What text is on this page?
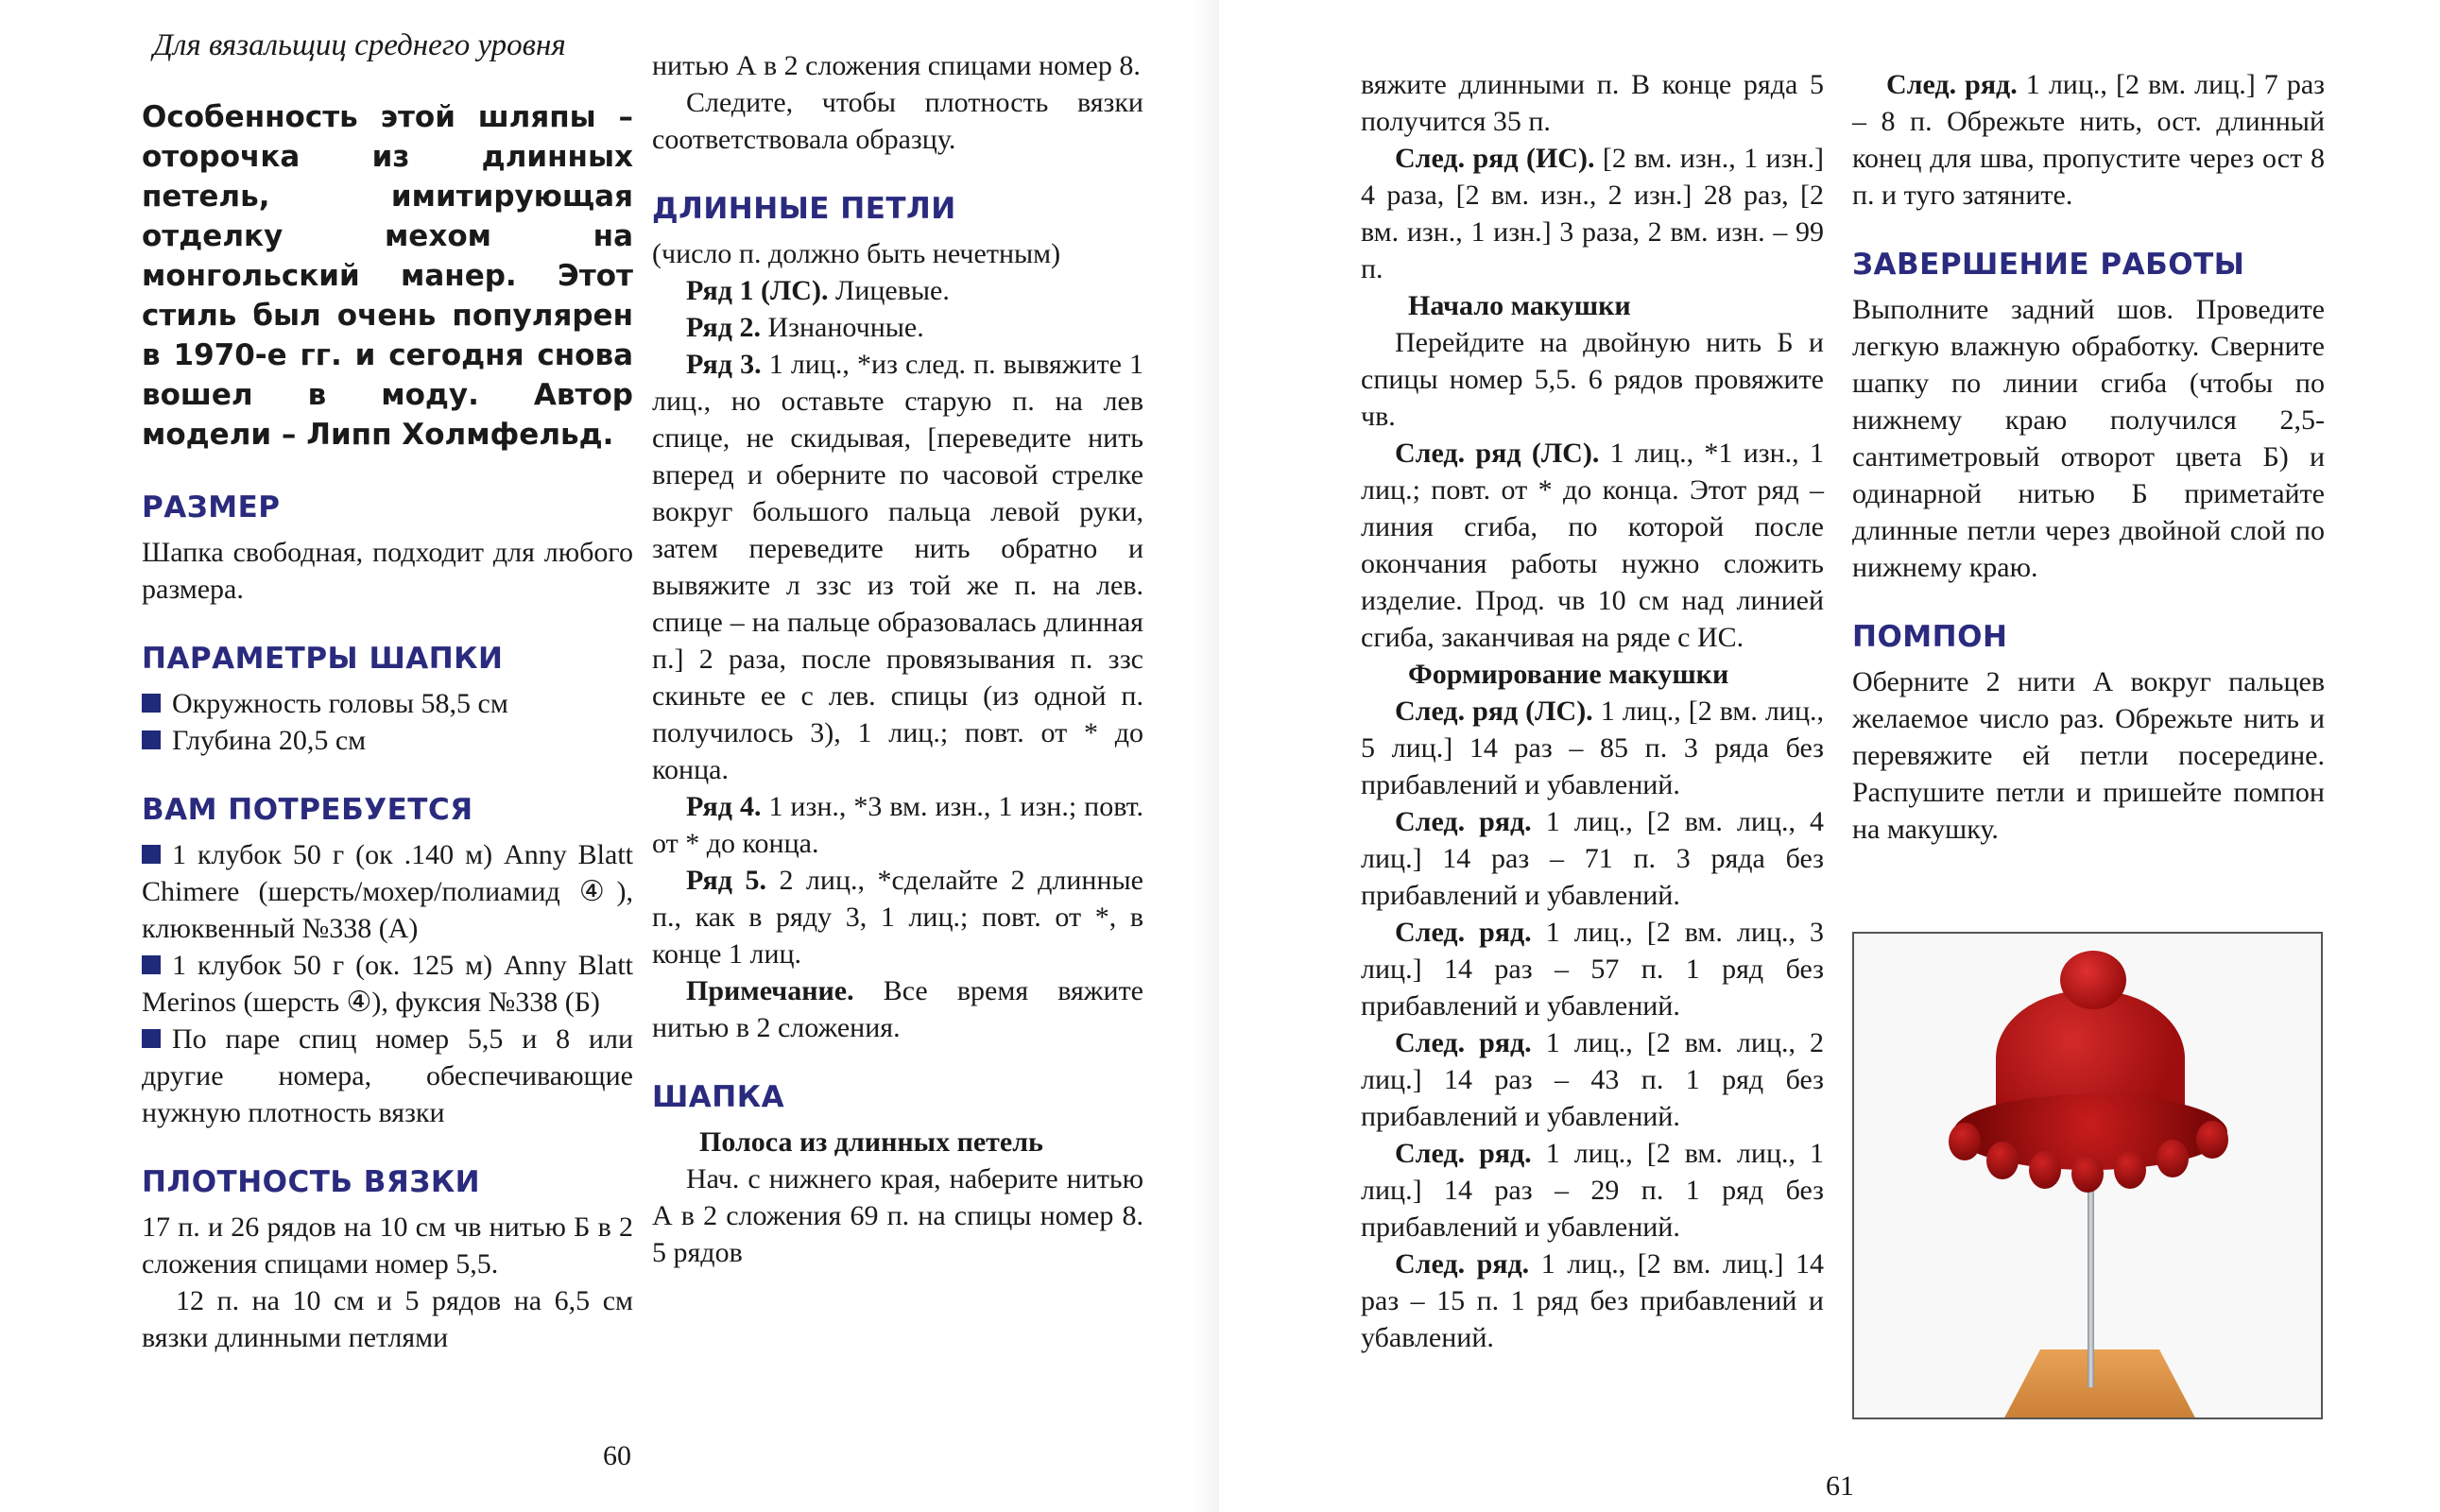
Для вязальщиц среднего уровня

Особенность этой шляпы – оторочка из длинных петель, имитирующая отделку мехом на монгольский манер. Этот стиль был очень популярен в 1970-е гг. и сегодня снова вошел в моду. Автор модели – Липп Холмфельд.

РАЗМЕР

Шапка свободная, подходит для любого размера.

ПАРАМЕТРЫ ШАПКИ

Окружность головы 58,5 см

Глубина 20,5 см

ВАМ ПОТРЕБУЕТСЯ

1 клубок 50 г (ок .140 м) Anny Blatt Chimere (шерсть/мохер/полиамид ④), клюквенный №338 (А)

1 клубок 50 г (ок. 125 м) Anny Blatt Merinos (шерсть ④), фуксия №338 (Б)

По паре спиц номер 5,5 и 8 или другие номера, обеспечивающие нужную плотность вязки

ПЛОТНОСТЬ ВЯЗКИ

17 п. и 26 рядов на 10 см чв нитью Б в 2 сложения спицами номер 5,5.

12 п. на 10 см и 5 рядов на 6,5 см вязки длинными петлями

нитью А в 2 сложения спицами номер 8.

Следите, чтобы плотность вязки соответствовала образцу.

ДЛИННЫЕ ПЕТЛИ

(число п. должно быть нечетным)

Ряд 1 (ЛС). Лицевые.

Ряд 2. Изнаночные.

Ряд 3. 1 лиц., *из след. п. вывяжите 1 лиц., но оставьте старую п. на лев спице, не скидывая, [переведите нить вперед и оберните по часовой стрелке вокруг большого пальца левой руки, затем переведите нить обратно и вывяжите л ззс из той же п. на лев. спице – на пальце образовалась длинная п.] 2 раза, после провязывания п. ззс скиньте ее с лев. спицы (из одной п. получилось 3), 1 лиц.; повт. от * до конца.

Ряд 4. 1 изн., *3 вм. изн., 1 изн.; повт. от * до конца.

Ряд 5. 2 лиц., *сделайте 2 длинные п., как в ряду 3, 1 лиц.; повт. от *, в конце 1 лиц.

Примечание. Все время вяжите нитью в 2 сложения.

ШАПКА

Полоса из длинных петель

Нач. с нижнего края, наберите нитью А в 2 сложения 69 п. на спицы номер 8. 5 рядов

60

вяжите длинными п. В конце ряда 5 получится 35 п.

След. ряд (ИС). [2 вм. изн., 1 изн.] 4 раза, [2 вм. изн., 2 изн.] 28 раз, [2 вм. изн., 1 изн.] 3 раза, 2 вм. изн. – 99 п.

Начало макушки

Перейдите на двойную нить Б и спицы номер 5,5. 6 рядов провяжите чв.

След. ряд (ЛС). 1 лиц., *1 изн., 1 лиц.; повт. от * до конца. Этот ряд – линия сгиба, по которой после окончания работы нужно сложить изделие. Прод. чв 10 см над линией сгиба, заканчивая на ряде с ИС.

Формирование макушки

След. ряд (ЛС). 1 лиц., [2 вм. лиц., 5 лиц.] 14 раз – 85 п. 3 ряда без прибавлений и убавлений.

След. ряд. 1 лиц., [2 вм. лиц., 4 лиц.] 14 раз – 71 п. 3 ряда без прибавлений и убавлений.

След. ряд. 1 лиц., [2 вм. лиц., 3 лиц.] 14 раз – 57 п. 1 ряд без прибавлений и убавлений.

След. ряд. 1 лиц., [2 вм. лиц., 2 лиц.] 14 раз – 43 п. 1 ряд без прибавлений и убавлений.

След. ряд. 1 лиц., [2 вм. лиц., 1 лиц.] 14 раз – 29 п. 1 ряд без прибавлений и убавлений.

След. ряд. 1 лиц., [2 вм. лиц.] 14 раз – 15 п. 1 ряд без прибавлений и убавлений.

След. ряд. 1 лиц., [2 вм. лиц.] 7 раз – 8 п. Обрежьте нить, ост. длинный конец для шва, пропустите через ост 8 п. и туго затяните.

ЗАВЕРШЕНИЕ РАБОТЫ

Выполните задний шов. Проведите легкую влажную обработку. Сверните шапку по линии сгиба (чтобы по нижнему краю получился 2,5-сантиметровый отворот цвета Б) и одинарной нитью Б приметайте длинные петли через двойной слой по нижнему краю.

ПОМПОН

Оберните 2 нити А вокруг пальцев желаемое число раз. Обрежьте нить и перевяжите ей петли посередине. Распушите петли и пришейте помпон на макушку.

61
